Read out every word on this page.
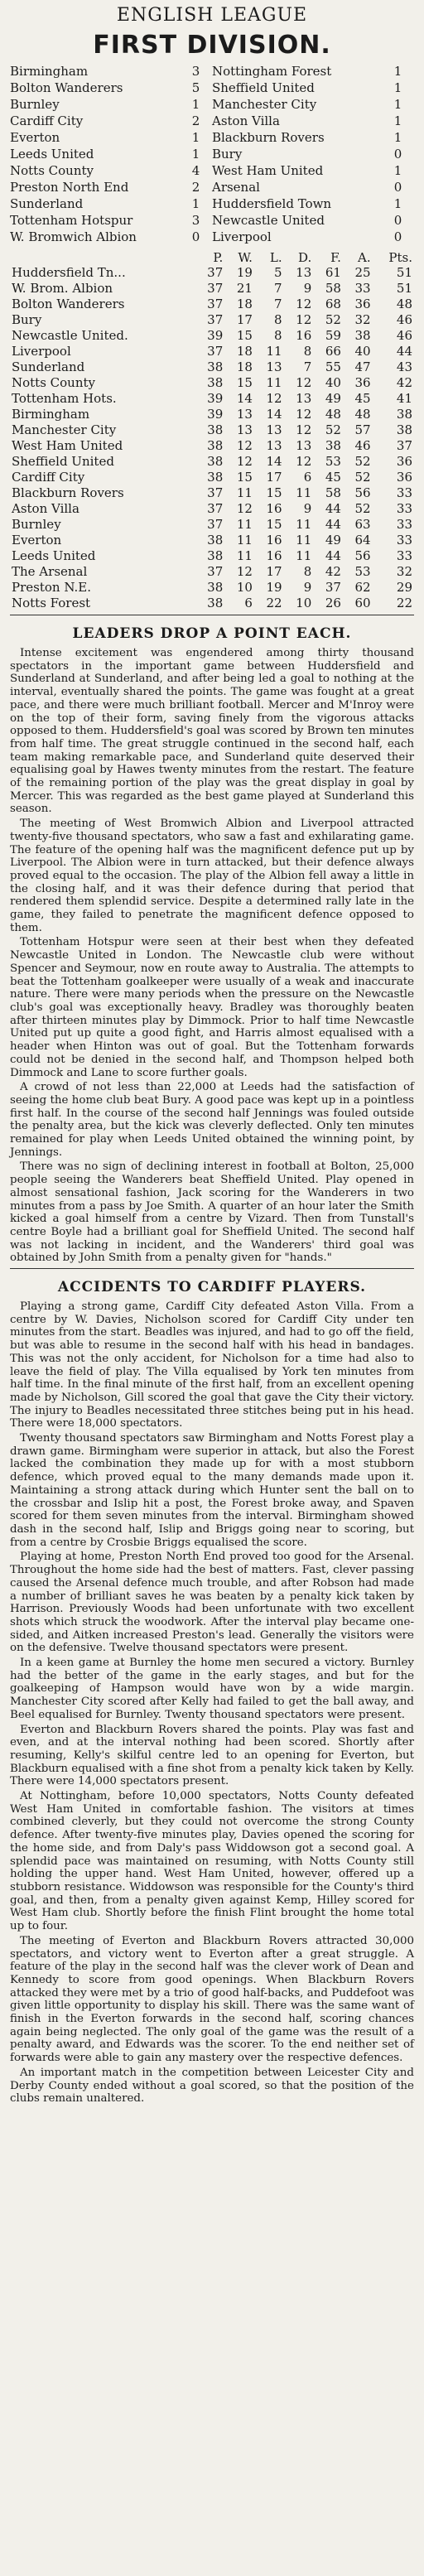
ENGLISH LEAGUE
FIRST DIVISION.
Birmingham	3	Nottingham Forest	1
Bolton Wanderers	5	Sheffield United	1
Burnley	1	Manchester City	1
Cardiff City	2	Aston Villa	1
Everton	1	Blackburn Rovers	1
Leeds United	1	Bury	0
Notts County	4	West Ham United	1
Preston North End	2	Arsenal	0
Sunderland	1	Huddersfield Town	1
Tottenham Hotspur	3	Newcastle United	0
W. Bromwich Albion	0	Liverpool	0
	P.	W.	L.	D.	F.	A.	Pts.
Huddersfield Tn...	37	19	5	13	61	25	51
W. Brom. Albion	37	21	7	9	58	33	51
Bolton Wanderers	37	18	7	12	68	36	48
Bury	37	17	8	12	52	32	46
Newcastle United.	39	15	8	16	59	38	46
Liverpool	37	18	11	8	66	40	44
Sunderland	38	18	13	7	55	47	43
Notts County	38	15	11	12	40	36	42
Tottenham Hots.	39	14	12	13	49	45	41
Birmingham	39	13	14	12	48	48	38
Manchester City	38	13	13	12	52	57	38
West Ham United	38	12	13	13	38	46	37
Sheffield United	38	12	14	12	53	52	36
Cardiff City	38	15	17	6	45	52	36
Blackburn Rovers	37	11	15	11	58	56	33
Aston Villa	37	12	16	9	44	52	33
Burnley	37	11	15	11	44	63	33
Everton	38	11	16	11	49	64	33
Leeds United	38	11	16	11	44	56	33
The Arsenal	37	12	17	8	42	53	32
Preston N.E.	38	10	19	9	37	62	29
Notts Forest	38	6	22	10	26	60	22
LEADERS DROP A POINT EACH.

Intense excitement was engendered among thirty thousand spectators in the important game between Huddersfield and Sunderland at Sunderland, and after being led a goal to nothing at the interval, eventually shared the points. The game was fought at a great pace, and there were much brilliant football. Mercer and M'Inroy were on the top of their form, saving finely from the vigorous attacks opposed to them. Huddersfield's goal was scored by Brown ten minutes from half time. The great struggle continued in the second half, each team making remarkable pace, and Sunderland quite deserved their equalising goal by Hawes twenty minutes from the restart. The feature of the remaining portion of the play was the great display in goal by Mercer. This was regarded as the best game played at Sunderland this season.

The meeting of West Bromwich Albion and Liverpool attracted twenty-five thousand spectators, who saw a fast and exhilarating game. The feature of the opening half was the magnificent defence put up by Liverpool. The Albion were in turn attacked, but their defence always proved equal to the occasion. The play of the Albion fell away a little in the closing half, and it was their defence during that period that rendered them splendid service. Despite a determined rally late in the game, they failed to penetrate the magnificent defence opposed to them.

Tottenham Hotspur were seen at their best when they defeated Newcastle United in London. The Newcastle club were without Spencer and Seymour, now en route away to Australia. The attempts to beat the Tottenham goalkeeper were usually of a weak and inaccurate nature. There were many periods when the pressure on the Newcastle club's goal was exceptionally heavy. Bradley was thoroughly beaten after thirteen minutes play by Dimmock. Prior to half time Newcastle United put up quite a good fight, and Harris almost equalised with a header when Hinton was out of goal. But the Tottenham forwards could not be denied in the second half, and Thompson helped both Dimmock and Lane to score further goals.

A crowd of not less than 22,000 at Leeds had the satisfaction of seeing the home club beat Bury. A good pace was kept up in a pointless first half. In the course of the second half Jennings was fouled outside the penalty area, but the kick was cleverly deflected. Only ten minutes remained for play when Leeds United obtained the winning point, by Jennings.

There was no sign of declining interest in football at Bolton, 25,000 people seeing the Wanderers beat Sheffield United. Play opened in almost sensational fashion, Jack scoring for the Wanderers in two minutes from a pass by Joe Smith. A quarter of an hour later the Smith kicked a goal himself from a centre by Vizard. Then from Tunstall's centre Boyle had a brilliant goal for Sheffield United. The second half was not lacking in incident, and the Wanderers' third goal was obtained by John Smith from a penalty given for "hands."

ACCIDENTS TO CARDIFF PLAYERS.

Playing a strong game, Cardiff City defeated Aston Villa. From a centre by W. Davies, Nicholson scored for Cardiff City under ten minutes from the start. Beadles was injured, and had to go off the field, but was able to resume in the second half with his head in bandages. This was not the only accident, for Nicholson for a time had also to leave the field of play. The Villa equalised by York ten minutes from half time. In the final minute of the first half, from an excellent opening made by Nicholson, Gill scored the goal that gave the City their victory. The injury to Beadles necessitated three stitches being put in his head. There were 18,000 spectators.

Twenty thousand spectators saw Birmingham and Notts Forest play a drawn game. Birmingham were superior in attack, but also the Forest lacked the combination they made up for with a most stubborn defence, which proved equal to the many demands made upon it. Maintaining a strong attack during which Hunter sent the ball on to the crossbar and Islip hit a post, the Forest broke away, and Spaven scored for them seven minutes from the interval. Birmingham showed dash in the second half, Islip and Briggs going near to scoring, but from a centre by Crosbie Briggs equalised the score.

Playing at home, Preston North End proved too good for the Arsenal. Throughout the home side had the best of matters. Fast, clever passing caused the Arsenal defence much trouble, and after Robson had made a number of brilliant saves he was beaten by a penalty kick taken by Harrison. Previously Woods had been unfortunate with two excellent shots which struck the woodwork. After the interval play became one-sided, and Aitken increased Preston's lead. Generally the visitors were on the defensive. Twelve thousand spectators were present.

In a keen game at Burnley the home men secured a victory. Burnley had the better of the game in the early stages, and but for the goalkeeping of Hampson would have won by a wide margin. Manchester City scored after Kelly had failed to get the ball away, and Beel equalised for Burnley. Twenty thousand spectators were present.

Everton and Blackburn Rovers shared the points. Play was fast and even, and at the interval nothing had been scored. Shortly after resuming, Kelly's skilful centre led to an opening for Everton, but Blackburn equalised with a fine shot from a penalty kick taken by Kelly. There were 14,000 spectators present.

At Nottingham, before 10,000 spectators, Notts County defeated West Ham United in comfortable fashion. The visitors at times combined cleverly, but they could not overcome the strong County defence. After twenty-five minutes play, Davies opened the scoring for the home side, and from Daly's pass Widdowson got a second goal. A splendid pace was maintained on resuming, with Notts County still holding the upper hand. West Ham United, however, offered up a stubborn resistance. Widdowson was responsible for the County's third goal, and then, from a penalty given against Kemp, Hilley scored for West Ham club. Shortly before the finish Flint brought the home total up to four.

The meeting of Everton and Blackburn Rovers attracted 30,000 spectators, and victory went to Everton after a great struggle. A feature of the play in the second half was the clever work of Dean and Kennedy to score from good openings. When Blackburn Rovers attacked they were met by a trio of good half-backs, and Puddefoot was given little opportunity to display his skill. There was the same want of finish in the Everton forwards in the second half, scoring chances again being neglected. The only goal of the game was the result of a penalty award, and Edwards was the scorer. To the end neither set of forwards were able to gain any mastery over the respective defences.

An important match in the competition between Leicester City and Derby County ended without a goal scored, so that the position of the clubs remain unaltered.
